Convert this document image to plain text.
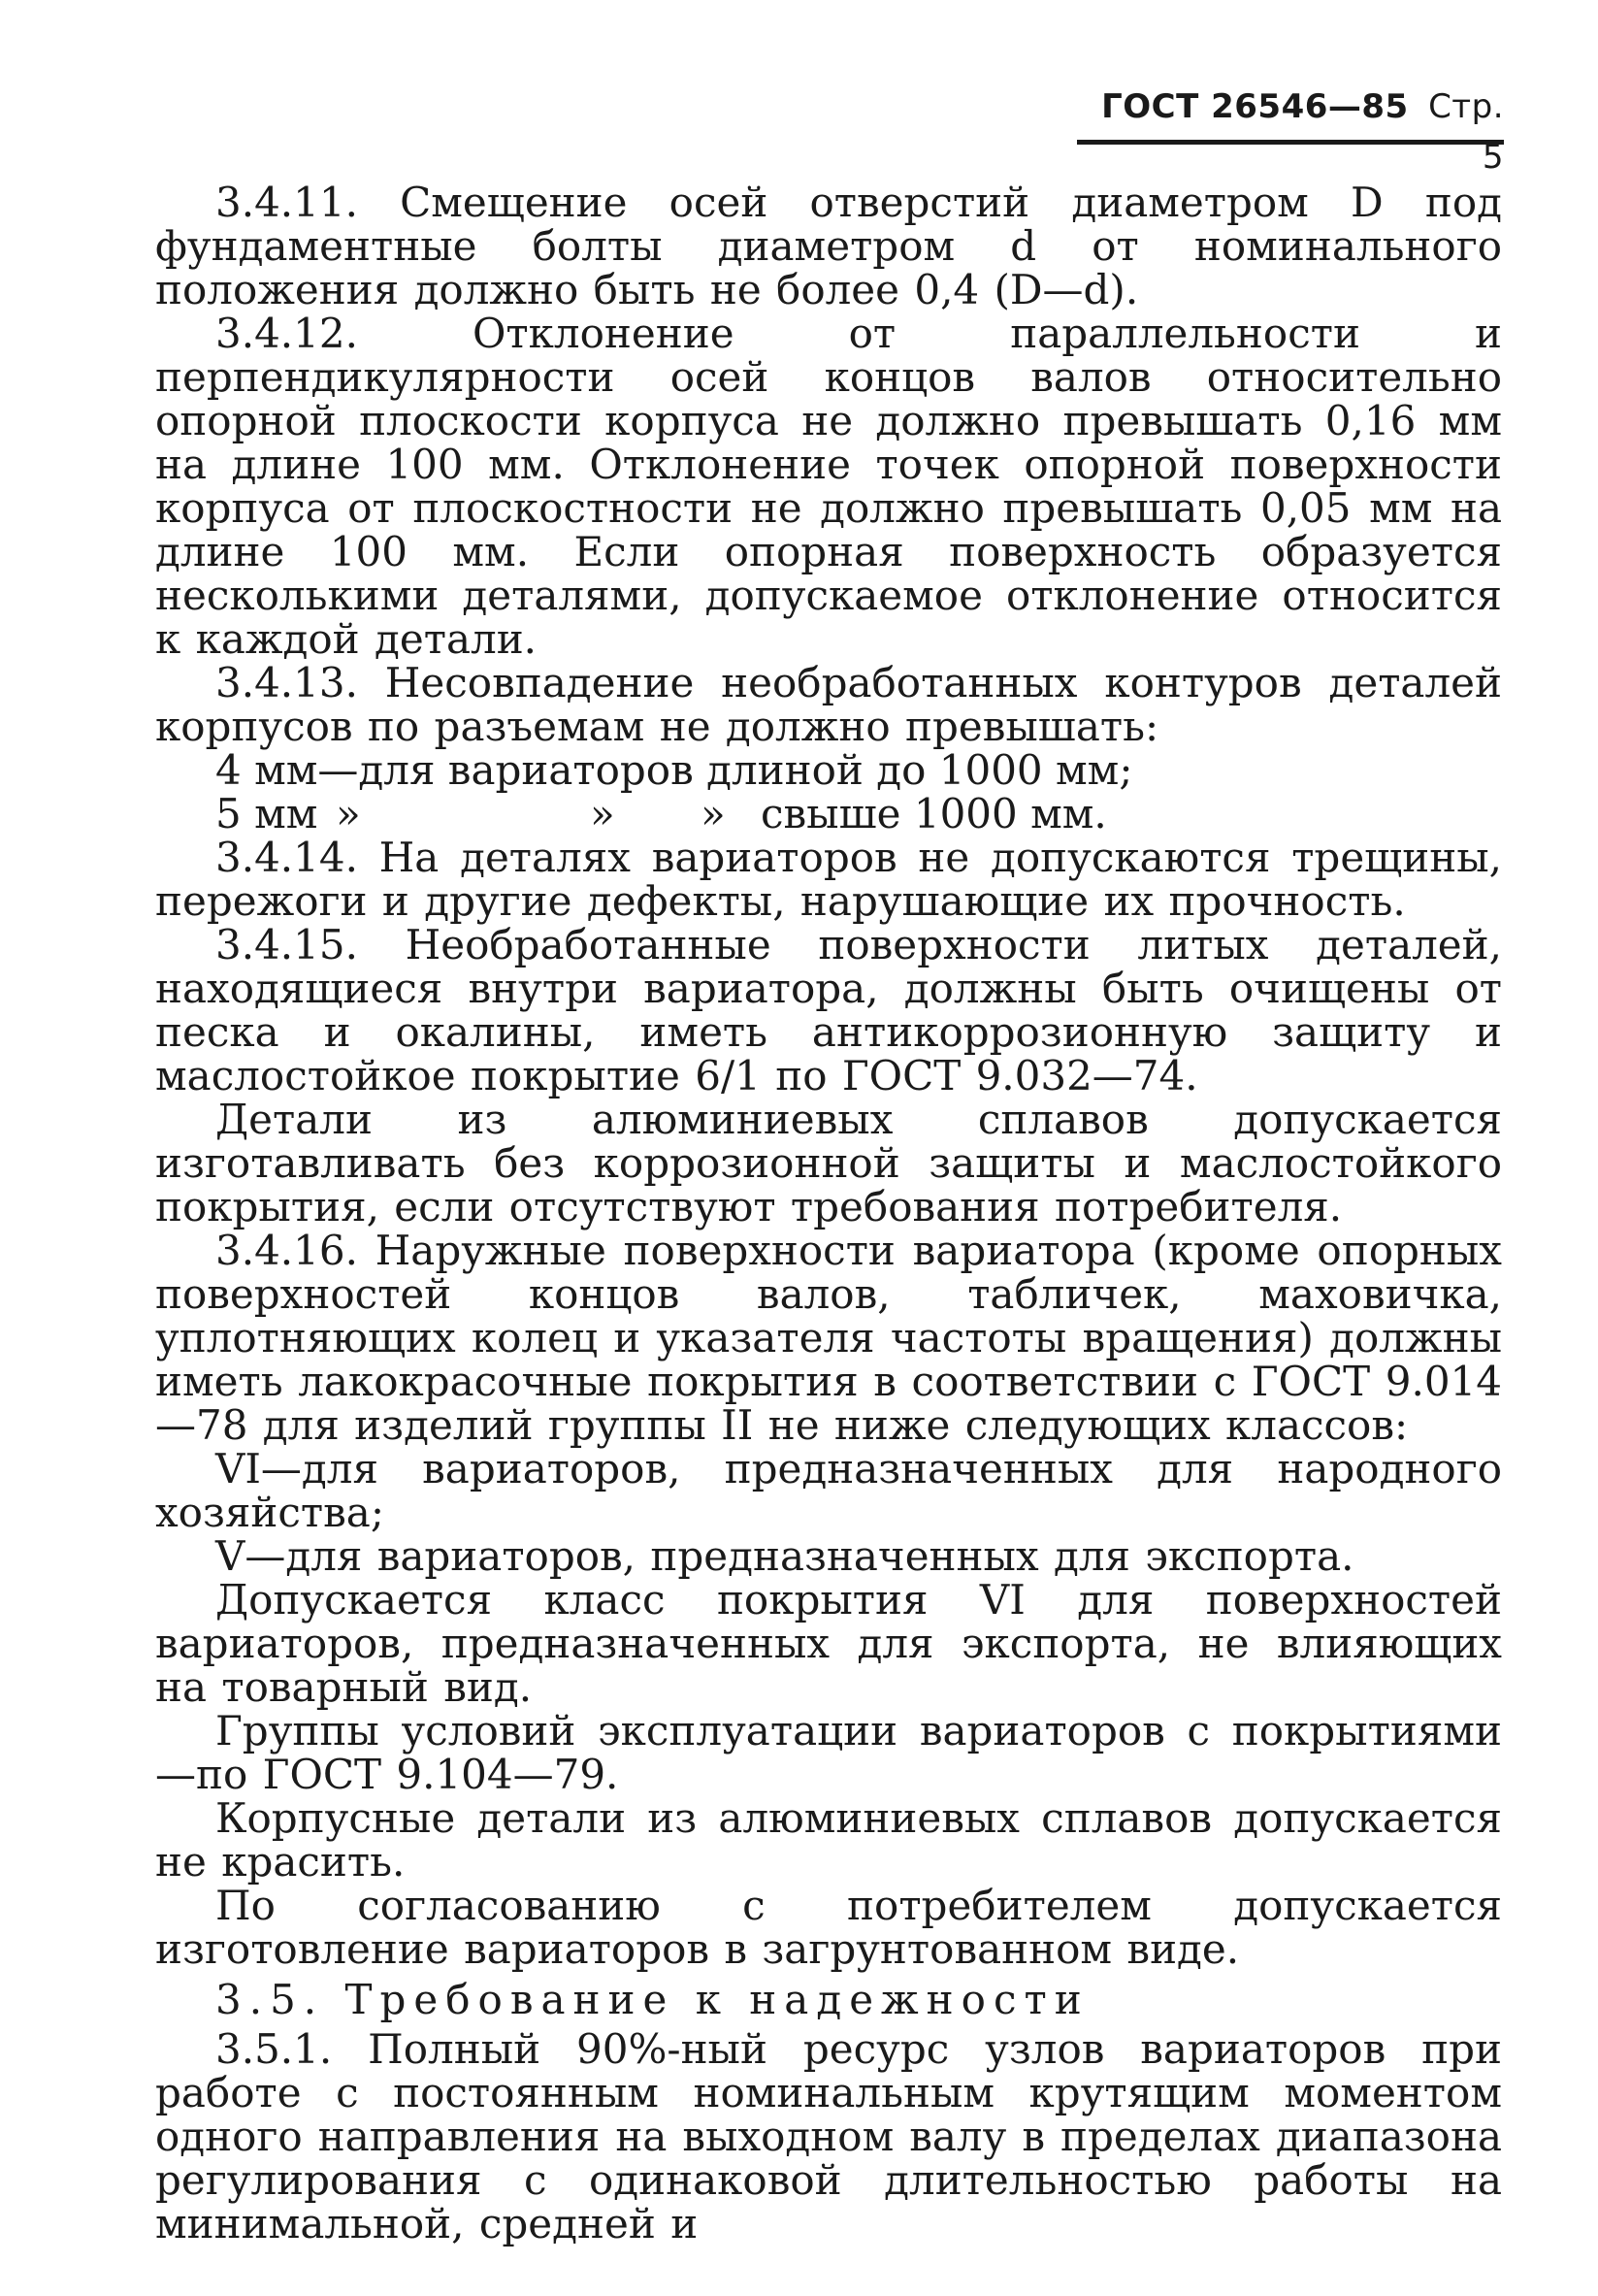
ГОСТ 26546—85 Стр. 5

3.4.11. Смещение осей отверстий диаметром D под фундаментные болты диаметром d от номинального положения должно быть не более 0,4 (D—d).

3.4.12. Отклонение от параллельности и перпендикулярности осей концов валов относительно опорной плоскости корпуса не должно превышать 0,16 мм на длине 100 мм. Отклонение точек опорной поверхности корпуса от плоскостности не должно превышать 0,05 мм на длине 100 мм. Если опорная поверхность образуется несколькими деталями, допускаемое отклонение относится к каждой детали.

3.4.13. Несовпадение необработанных контуров деталей корпусов по разъемам не должно превышать:

4 мм—для вариаторов длиной до 1000 мм;

5 мм »	»	» свыше 1000 мм.

3.4.14. На деталях вариаторов не допускаются трещины, пережоги и другие дефекты, нарушающие их прочность.

3.4.15. Необработанные поверхности литых деталей, находящиеся внутри вариатора, должны быть очищены от песка и окалины, иметь антикоррозионную защиту и маслостойкое покрытие 6/1 по ГОСТ 9.032—74.

Детали из алюминиевых сплавов допускается изготавливать без коррозионной защиты и маслостойкого покрытия, если отсутствуют требования потребителя.

3.4.16. Наружные поверхности вариатора (кроме опорных поверхностей концов валов, табличек, маховичка, уплотняющих колец и указателя частоты вращения) должны иметь лакокрасочные покрытия в соответствии с ГОСТ 9.014—78 для изделий группы II не ниже следующих классов:

VI—для вариаторов, предназначенных для народного хозяйства;

V—для вариаторов, предназначенных для экспорта.

Допускается класс покрытия VI для поверхностей вариаторов, предназначенных для экспорта, не влияющих на товарный вид.

Группы условий эксплуатации вариаторов с покрытиями—по ГОСТ 9.104—79.

Корпусные детали из алюминиевых сплавов допускается не красить.

По согласованию с потребителем допускается изготовление вариаторов в загрунтованном виде.

3.5. Требование к надежности

3.5.1. Полный 90%-ный ресурс узлов вариаторов при работе с постоянным номинальным крутящим моментом одного направления на выходном валу в пределах диапазона регулирования с одинаковой длительностью работы на минимальной, средней и
